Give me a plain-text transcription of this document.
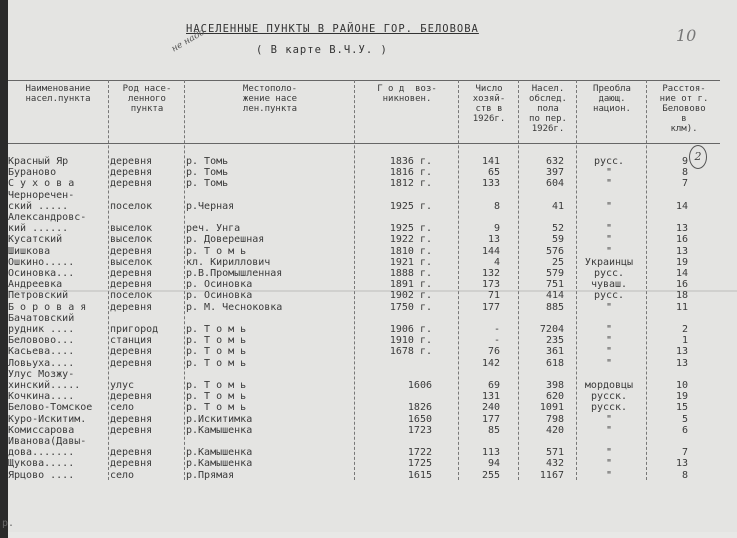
НАСЕЛЕННЫЕ ПУНКТЫ В РАЙОНЕ ГОР. БЕЛОВОВА
( В карте В.Ч.У. )
не надо	10
2
Наименование
насел.пункта
Род насе-
ленного
пункта
Местополо-
жение насе
лен.пункта
Г о д  воз-
никновен.
Число
хозяй-
ств в
1926г.
Насел.
обслед.
пола
по пер.
1926г.
Преобла
дающ.
национ.
Расстоя-
ние от г.
Беловово
в
клм).
Красный Яр	деревня	р. Томь	1836 г.	141	632	русс.	9
Бураново	деревня	р. Томь	1816 г.	65	397	"	8
С у х о в а	деревня	р. Томь	1812 г.	133	604	"	7
Черноречен-
ский .....	поселок	р.Черная	1925 г.	8	41	"	14
Александровс-
кий ......	выселок	реч. Унга	1925 г.	9	52	"	13
Кусатский	выселок	р. Доверешная	1922 г.	13	59	"	16
Шишкова	деревня	р. Т о м ь	1810 г.	144	576	"	13
Ошкино.....	выселок	кл. Кириллович	1921 г.	4	25	Украинцы	19
Осиновка...	деревня	р.В.Промышленная	1888 г.	132	579	русс.	14
Андреевка	деревня	р. Осиновка	1891 г.	173	751	чуваш.	16
Петровский	поселок	р. Осиновка	1902 г.	71	414	русс.	18
Б о р о в а я	деревня	р. М. Чесноковка	1750 г.	177	885	"	11
Бачатовский
рудник ....	пригород	р. Т о м ь	1906 г.	-	7204	"	2
Беловово...	станция	р. Т о м ь	1910 г.	-	235	"	1
Касьева....	деревня	р. Т о м ь	1678 г.	76	361	"	13
Ловьуха....	деревня	р. Т о м ь	142	618	"	13
Улус Мозжу-
хинский.....	улус	р. Т о м ь	1606	69	398	мордовцы	10
Кочкина....	деревня	р. Т о м ь	131	620	русск.	19
Белово-Томское	село	р. Т о м ь	1826	240	1091	русск.	15
Куро-Искитим.	деревня	р.Искитимка	1650	177	798	"	5
Комиссарова	деревня	р.Камышенка	1723	85	420	"	6
Иванова(Давы-
дова.......	деревня	р.Камышенка	1722	113	571	"	7
Щукова.....	деревня	р.Камышенка	1725	94	432	"	13
Ярцово ....	село	р.Прямая	1615	255	1167	"	8
р.
